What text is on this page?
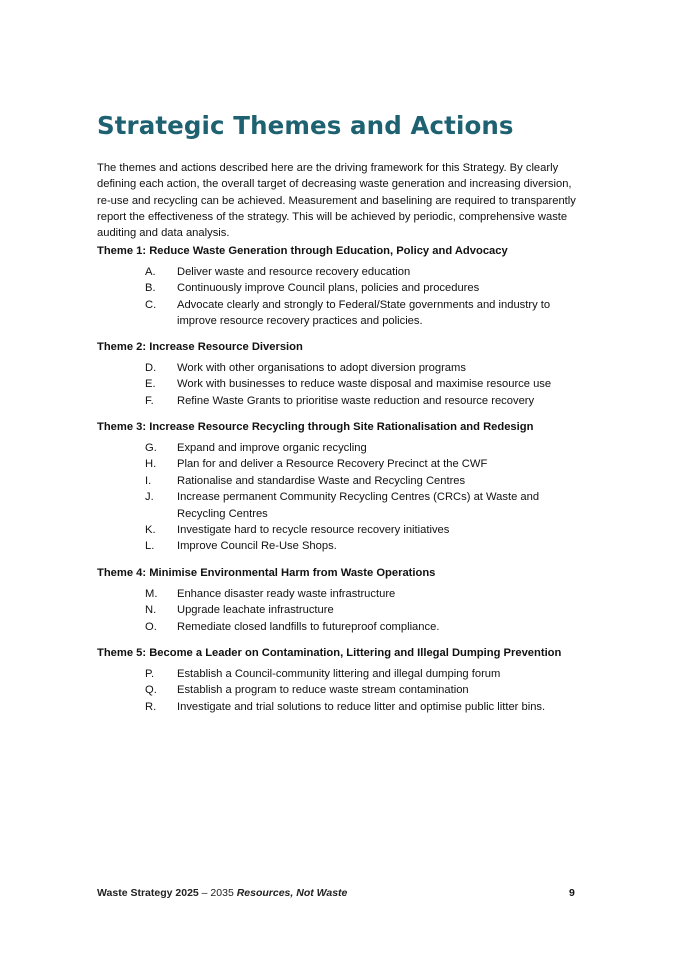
Strategic Themes and Actions

The themes and actions described here are the driving framework for this Strategy. By clearly defining each action, the overall target of decreasing waste generation and increasing diversion, re-use and recycling can be achieved. Measurement and baselining are required to transparently report the effectiveness of the strategy. This will be achieved by periodic, comprehensive waste auditing and data analysis.

Theme 1: Reduce Waste Generation through Education, Policy and Advocacy

A. Deliver waste and resource recovery education
B. Continuously improve Council plans, policies and procedures
C. Advocate clearly and strongly to Federal/State governments and industry to improve resource recovery practices and policies.

Theme 2: Increase Resource Diversion

D. Work with other organisations to adopt diversion programs
E. Work with businesses to reduce waste disposal and maximise resource use
F. Refine Waste Grants to prioritise waste reduction and resource recovery

Theme 3: Increase Resource Recycling through Site Rationalisation and Redesign

G. Expand and improve organic recycling
H. Plan for and deliver a Resource Recovery Precinct at the CWF
I. Rationalise and standardise Waste and Recycling Centres
J. Increase permanent Community Recycling Centres (CRCs) at Waste and Recycling Centres
K. Investigate hard to recycle resource recovery initiatives
L. Improve Council Re-Use Shops.

Theme 4: Minimise Environmental Harm from Waste Operations

M. Enhance disaster ready waste infrastructure
N. Upgrade leachate infrastructure
O. Remediate closed landfills to futureproof compliance.

Theme 5: Become a Leader on Contamination, Littering and Illegal Dumping Prevention

P. Establish a Council-community littering and illegal dumping forum
Q. Establish a program to reduce waste stream contamination
R. Investigate and trial solutions to reduce litter and optimise public litter bins.
Waste Strategy 2025 – 2035 Resources, Not Waste	9
